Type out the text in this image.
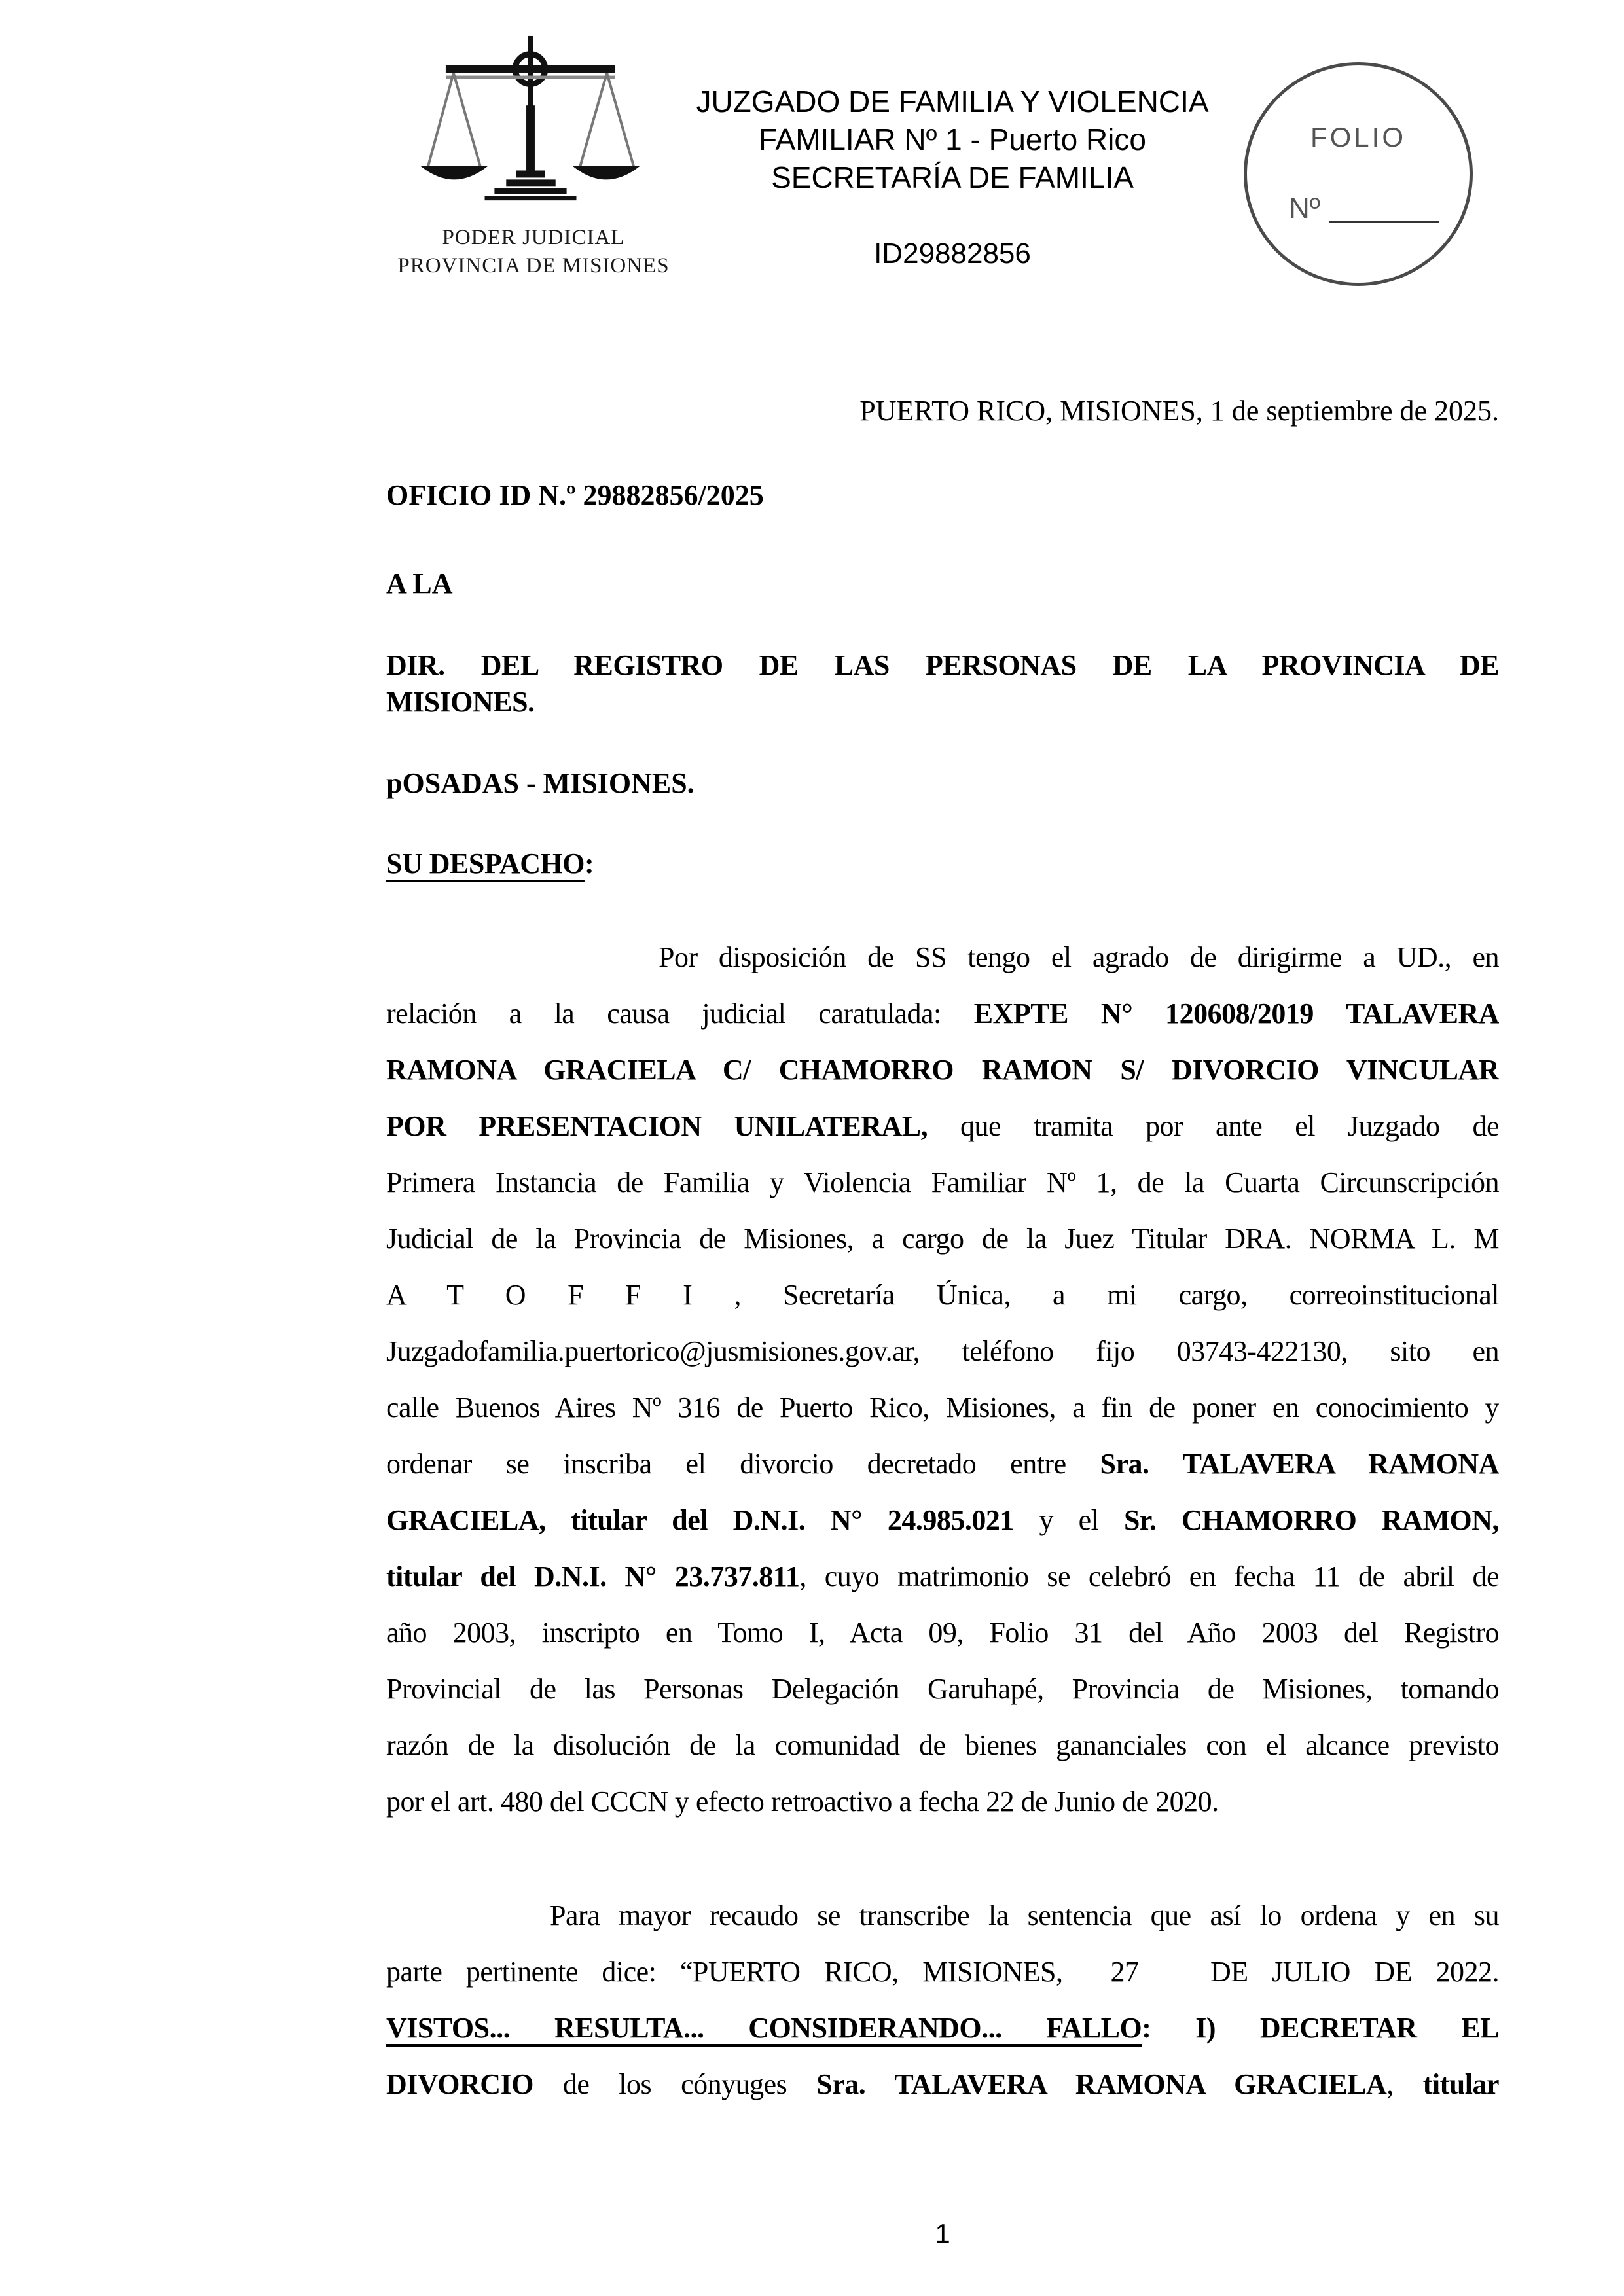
PODER JUDICIAL
PROVINCIA DE MISIONES
JUZGADO DE FAMILIA Y VIOLENCIA
FAMILIAR Nº 1 - Puerto Rico
SECRETARÍA DE FAMILIA
ID29882856
FOLIO
Nº
PUERTO RICO, MISIONES, 1 de septiembre de 2025.
OFICIO ID N.º 29882856/2025
A LA
DIR. DEL REGISTRO DE LAS PERSONAS DE LA PROVINCIA DE
MISIONES.
pOSADAS - MISIONES.
SU DESPACHO:
Por disposición de SS tengo el agrado de dirigirme a UD., en
relación a la causa judicial caratulada: EXPTE N° 120608/2019 TALAVERA
RAMONA GRACIELA C/ CHAMORRO RAMON S/ DIVORCIO VINCULAR
POR PRESENTACION UNILATERAL, que tramita por ante el Juzgado de
Primera Instancia de Familia y Violencia Familiar Nº 1, de la Cuarta Circunscripción
Judicial de la Provincia de Misiones, a cargo de la Juez Titular DRA. NORMA L. M
A T O F F I , Secretaría Única, a mi cargo, correoinstitucional
Juzgadofamilia.puertorico@jusmisiones.gov.ar, teléfono fijo 03743-422130, sito en
calle Buenos Aires Nº 316 de Puerto Rico, Misiones, a fin de poner en conocimiento y
ordenar se inscriba el divorcio decretado entre Sra. TALAVERA RAMONA
GRACIELA, titular del D.N.I. N° 24.985.021 y el Sr. CHAMORRO RAMON,
titular del D.N.I. N° 23.737.811, cuyo matrimonio se celebró en fecha 11 de abril de
año 2003, inscripto en Tomo I, Acta 09, Folio 31 del Año 2003 del Registro
Provincial de las Personas Delegación Garuhapé, Provincia de Misiones, tomando
razón de la disolución de la comunidad de bienes gananciales con el alcance previsto
por el art. 480 del CCCN y efecto retroactivo a fecha 22 de Junio de 2020.
Para mayor recaudo se transcribe la sentencia que así lo ordena y en su
parte pertinente dice: “PUERTO RICO, MISIONES,  27   DE JULIO DE 2022.
VISTOS... RESULTA... CONSIDERANDO... FALLO: I) DECRETAR EL
DIVORCIO de los cónyuges Sra. TALAVERA RAMONA GRACIELA, titular
1
